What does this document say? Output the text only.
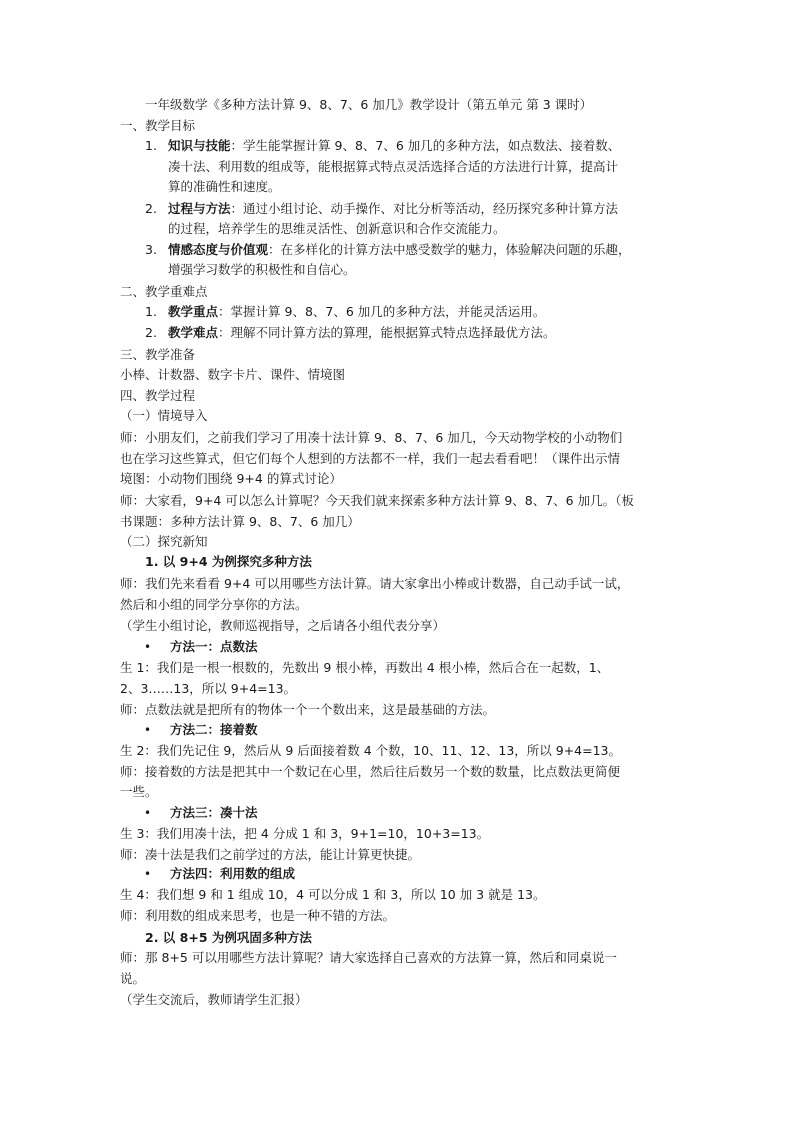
一年级数学《多种方法计算 9、8、7、6 加几》教学设计（第五单元 第 3 课时）
一、教学目标
1. 知识与技能：学生能掌握计算 9、8、7、6 加几的多种方法，如点数法、接着数、
凑十法、利用数的组成等，能根据算式特点灵活选择合适的方法进行计算，提高计
算的准确性和速度。
2. 过程与方法：通过小组讨论、动手操作、对比分析等活动，经历探究多种计算方法
的过程，培养学生的思维灵活性、创新意识和合作交流能力。
3. 情感态度与价值观：在多样化的计算方法中感受数学的魅力，体验解决问题的乐趣，
增强学习数学的积极性和自信心。
二、教学重难点
1. 教学重点：掌握计算 9、8、7、6 加几的多种方法，并能灵活运用。
2. 教学难点：理解不同计算方法的算理，能根据算式特点选择最优方法。
三、教学准备
小棒、计数器、数字卡片、课件、情境图
四、教学过程
（一）情境导入
师：小朋友们，之前我们学习了用凑十法计算 9、8、7、6 加几，今天动物学校的小动物们
也在学习这些算式，但它们每个人想到的方法都不一样，我们一起去看看吧！（课件出示情
境图：小动物们围绕 9+4 的算式讨论）
师：大家看，9+4 可以怎么计算呢？今天我们就来探索多种方法计算 9、8、7、6 加几。（板
书课题：多种方法计算 9、8、7、6 加几）
（二）探究新知
1. 以 9+4 为例探究多种方法
师：我们先来看看 9+4 可以用哪些方法计算。请大家拿出小棒或计数器，自己动手试一试，
然后和小组的同学分享你的方法。
（学生小组讨论，教师巡视指导，之后请各小组代表分享）
• 方法一：点数法
生 1：我们是一根一根数的，先数出 9 根小棒，再数出 4 根小棒，然后合在一起数，1、
2、3……13，所以 9+4=13。
师：点数法就是把所有的物体一个一个数出来，这是最基础的方法。
• 方法二：接着数
生 2：我们先记住 9，然后从 9 后面接着数 4 个数，10、11、12、13，所以 9+4=13。
师：接着数的方法是把其中一个数记在心里，然后往后数另一个数的数量，比点数法更简便
一些。
• 方法三：凑十法
生 3：我们用凑十法，把 4 分成 1 和 3，9+1=10，10+3=13。
师：凑十法是我们之前学过的方法，能让计算更快捷。
• 方法四：利用数的组成
生 4：我们想 9 和 1 组成 10，4 可以分成 1 和 3，所以 10 加 3 就是 13。
师：利用数的组成来思考，也是一种不错的方法。
2. 以 8+5 为例巩固多种方法
师：那 8+5 可以用哪些方法计算呢？请大家选择自己喜欢的方法算一算，然后和同桌说一
说。
（学生交流后，教师请学生汇报）
